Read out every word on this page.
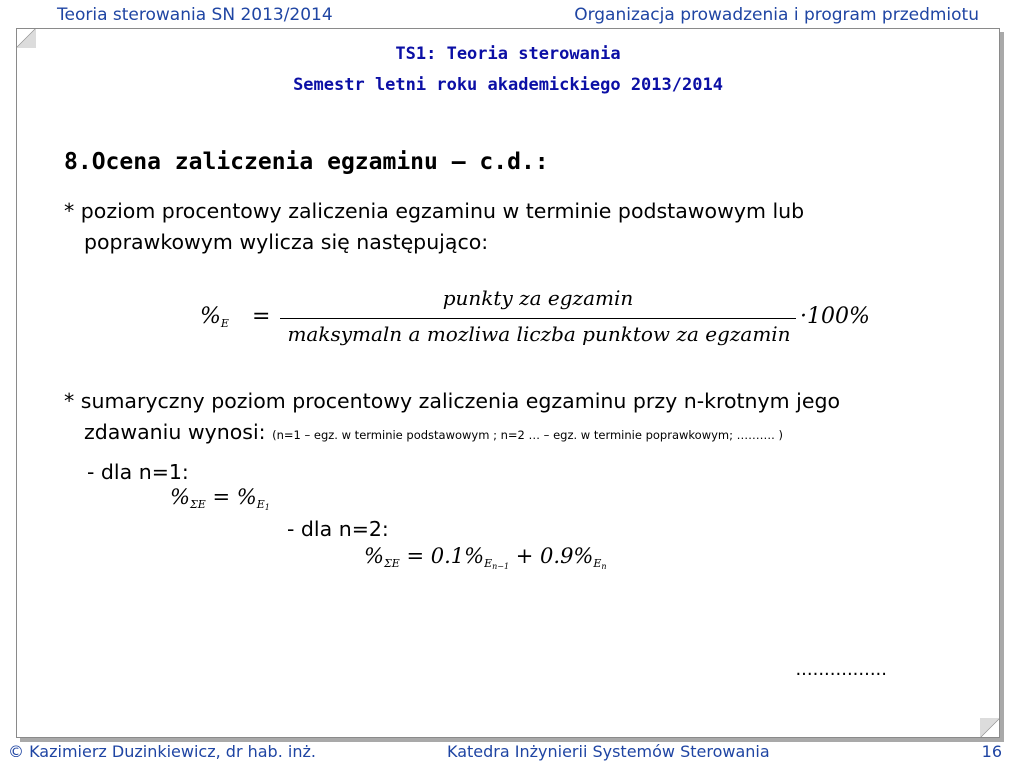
Teoria sterowania SN 2013/2014	Organizacja prowadzenia i program przedmiotu
TS1: Teoria sterowania
Semestr letni roku akademickiego 2013/2014
8.Ocena zaliczenia egzaminu – c.d.:
* poziom procentowy zaliczenia egzaminu w terminie podstawowym lub
poprawkowym wylicza się następująco:
$\%_E$ =
punkty za egzamin
maksymaln a mozliwa liczba punktow za egzamin
·100%
* sumaryczny poziom procentowy zaliczenia egzaminu przy n-krotnym jego
zdawaniu wynosi: (n=1 – egz. w terminie podstawowym ; n=2 … – egz. w terminie poprawkowym; ………. )
- dla n=1:
$\%_{\Sigma E} = \%_{E1}$
- dla n=2:
$\%_{\Sigma E} = 0.1\%_{En-1} + 0.9\%_{En}$
................
© Kazimierz Duzinkiewicz, dr hab. inż.	Katedra Inżynierii Systemów Sterowania	16
